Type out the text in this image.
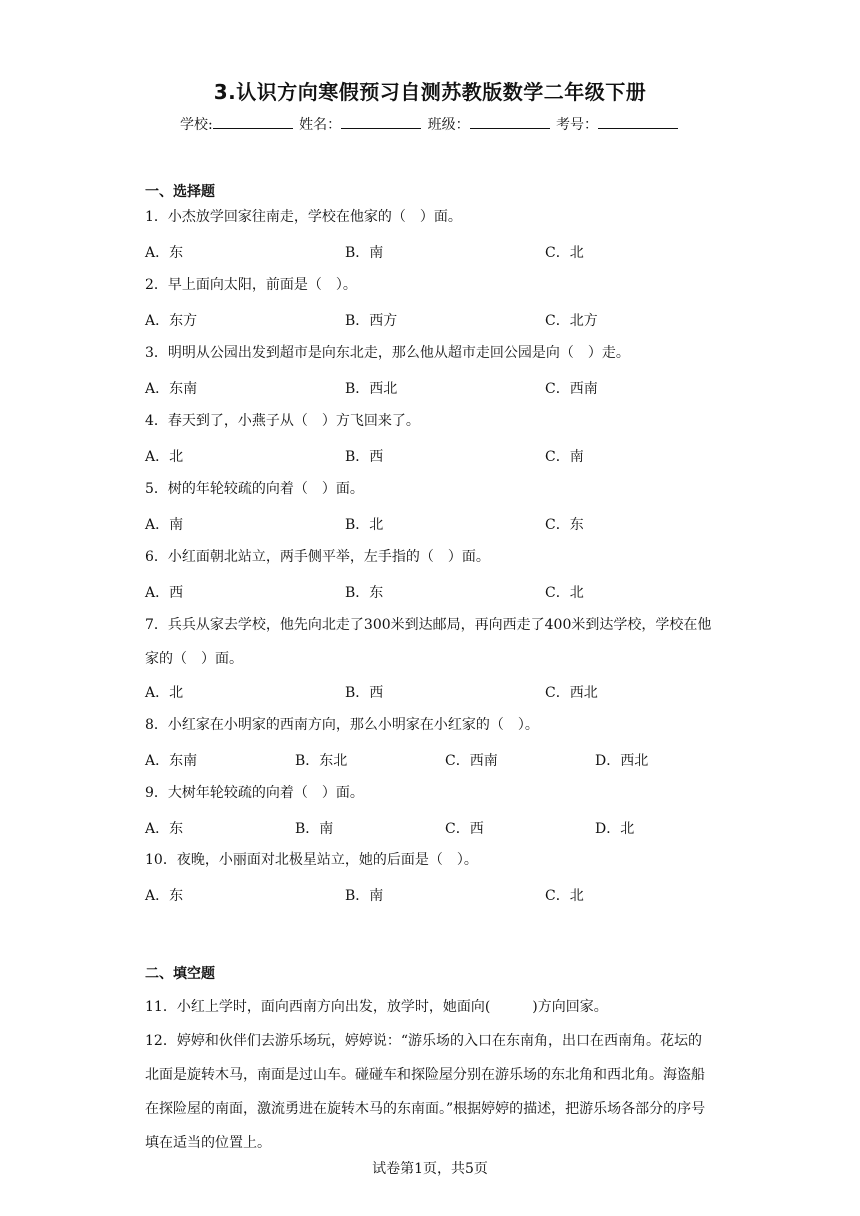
3.认识方向寒假预习自测苏教版数学二年级下册
学校:	姓名：	班级：	考号：
一、选择题
1．小杰放学回家往南走，学校在他家的（　）面。
A．东	B．南	C．北
2．早上面向太阳，前面是（　）。
A．东方	B．西方	C．北方
3．明明从公园出发到超市是向东北走，那么他从超市走回公园是向（　）走。
A．东南	B．西北	C．西南
4．春天到了，小燕子从（　）方飞回来了。
A．北	B．西	C．南
5．树的年轮较疏的向着（　）面。
A．南	B．北	C．东
6．小红面朝北站立，两手侧平举，左手指的（　）面。
A．西	B．东	C．北
7．兵兵从家去学校，他先向北走了300米到达邮局，再向西走了400米到达学校，学校在他家的（　）面。
A．北	B．西	C．西北
8．小红家在小明家的西南方向，那么小明家在小红家的（　）。
A．东南	B．东北	C．西南	D．西北
9．大树年轮较疏的向着（　）面。
A．东	B．南	C．西	D．北
10．夜晚，小丽面对北极星站立，她的后面是（　）。
A．东	B．南	C．北
二、填空题
11．小红上学时，面向西南方向出发，放学时，她面向(　　　)方向回家。
12．婷婷和伙伴们去游乐场玩，婷婷说：“游乐场的入口在东南角，出口在西南角。花坛的北面是旋转木马，南面是过山车。碰碰车和探险屋分别在游乐场的东北角和西北角。海盗船在探险屋的南面，激流勇进在旋转木马的东南面。”根据婷婷的描述，把游乐场各部分的序号填在适当的位置上。
试卷第1页，共5页
